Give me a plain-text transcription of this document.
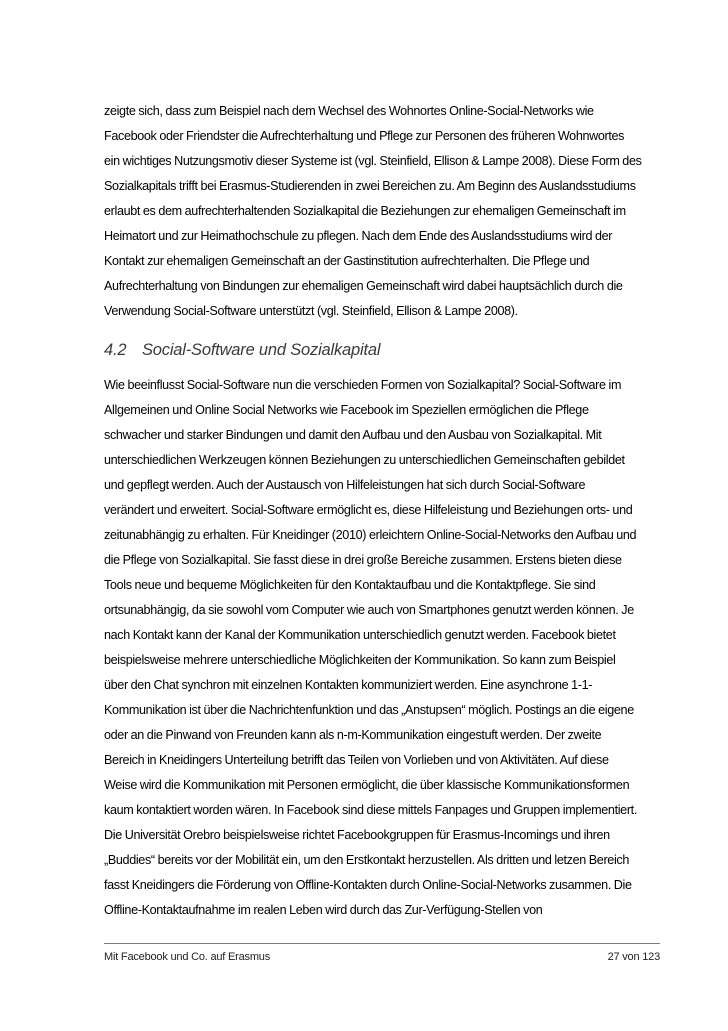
zeigte sich, dass zum Beispiel nach dem Wechsel des Wohnortes Online-Social-Networks wie
Facebook oder Friendster die Aufrechterhaltung und Pflege zur Personen des früheren Wohnwortes
ein wichtiges Nutzungsmotiv dieser Systeme ist (vgl. Steinfield, Ellison & Lampe 2008). Diese Form des
Sozialkapitals trifft bei Erasmus-Studierenden in zwei Bereichen zu. Am Beginn des Auslandsstudiums
erlaubt es dem aufrechterhaltenden Sozialkapital die Beziehungen zur ehemaligen Gemeinschaft im
Heimatort und zur Heimathochschule zu pflegen. Nach dem Ende des Auslandsstudiums wird der
Kontakt zur ehemaligen Gemeinschaft an der Gastinstitution aufrechterhalten. Die Pflege und
Aufrechterhaltung von Bindungen zur ehemaligen Gemeinschaft wird dabei hauptsächlich durch die
Verwendung Social-Software unterstützt (vgl. Steinfield, Ellison & Lampe 2008).
4.2 Social-Software und Sozialkapital
Wie beeinflusst Social-Software nun die verschieden Formen von Sozialkapital? Social-Software im
Allgemeinen und Online Social Networks wie Facebook im Speziellen ermöglichen die Pflege
schwacher und starker Bindungen und damit den Aufbau und den Ausbau von Sozialkapital. Mit
unterschiedlichen Werkzeugen können Beziehungen zu unterschiedlichen Gemeinschaften gebildet
und gepflegt werden. Auch der Austausch von Hilfeleistungen hat sich durch Social-Software
verändert und erweitert. Social-Software ermöglicht es, diese Hilfeleistung und Beziehungen orts- und
zeitunabhängig zu erhalten. Für Kneidinger (2010) erleichtern Online-Social-Networks den Aufbau und
die Pflege von Sozialkapital. Sie fasst diese in drei große Bereiche zusammen. Erstens bieten diese
Tools neue und bequeme Möglichkeiten für den Kontaktaufbau und die Kontaktpflege. Sie sind
ortsunabhängig, da sie sowohl vom Computer wie auch von Smartphones genutzt werden können. Je
nach Kontakt kann der Kanal der Kommunikation unterschiedlich genutzt werden. Facebook bietet
beispielsweise mehrere unterschiedliche Möglichkeiten der Kommunikation. So kann zum Beispiel
über den Chat synchron mit einzelnen Kontakten kommuniziert werden. Eine asynchrone 1-1-
Kommunikation ist über die Nachrichtenfunktion und das „Anstupsen“ möglich. Postings an die eigene
oder an die Pinwand von Freunden kann als n-m-Kommunikation eingestuft werden. Der zweite
Bereich in Kneidingers Unterteilung betrifft das Teilen von Vorlieben und von Aktivitäten. Auf diese
Weise wird die Kommunikation mit Personen ermöglicht, die über klassische Kommunikationsformen
kaum kontaktiert worden wären. In Facebook sind diese mittels Fanpages und Gruppen implementiert.
Die Universität Orebro beispielsweise richtet Facebookgruppen für Erasmus-Incomings und ihren
„Buddies“ bereits vor der Mobilität ein, um den Erstkontakt herzustellen. Als dritten und letzen Bereich
fasst Kneidingers die Förderung von Offline-Kontakten durch Online-Social-Networks zusammen. Die
Offline-Kontaktaufnahme im realen Leben wird durch das Zur-Verfügung-Stellen von
Mit Facebook und Co. auf Erasmus	27 von 123
